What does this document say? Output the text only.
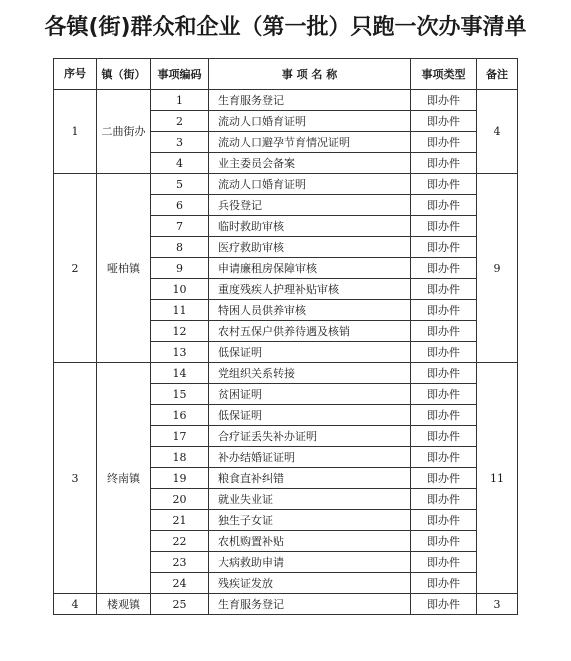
各镇(街)群众和企业（第一批）只跑一次办事清单
序号	镇（街）	事项编码	事 项 名 称	事项类型	备注
1	二曲街办	1	生育服务登记	即办件	4
		2	流动人口婚育证明	即办件	
		3	流动人口避孕节育情况证明	即办件	
		4	业主委员会备案	即办件	
2	哑柏镇	5	流动人口婚育证明	即办件	9
		6	兵役登记	即办件	
		7	临时救助审核	即办件	
		8	医疗救助审核	即办件	
		9	申请廉租房保障审核	即办件	
		10	重度残疾人护理补贴审核	即办件	
		11	特困人员供养审核	即办件	
		12	农村五保户供养待遇及核销	即办件	
		13	低保证明	即办件	
3	终南镇	14	党组织关系转接	即办件	11
		15	贫困证明	即办件	
		16	低保证明	即办件	
		17	合疗证丢失补办证明	即办件	
		18	补办结婚证证明	即办件	
		19	粮食直补纠错	即办件	
		20	就业失业证	即办件	
		21	独生子女证	即办件	
		22	农机购置补贴	即办件	
		23	大病救助申请	即办件	
		24	残疾证发放	即办件	
4	楼观镇	25	生育服务登记	即办件	3
